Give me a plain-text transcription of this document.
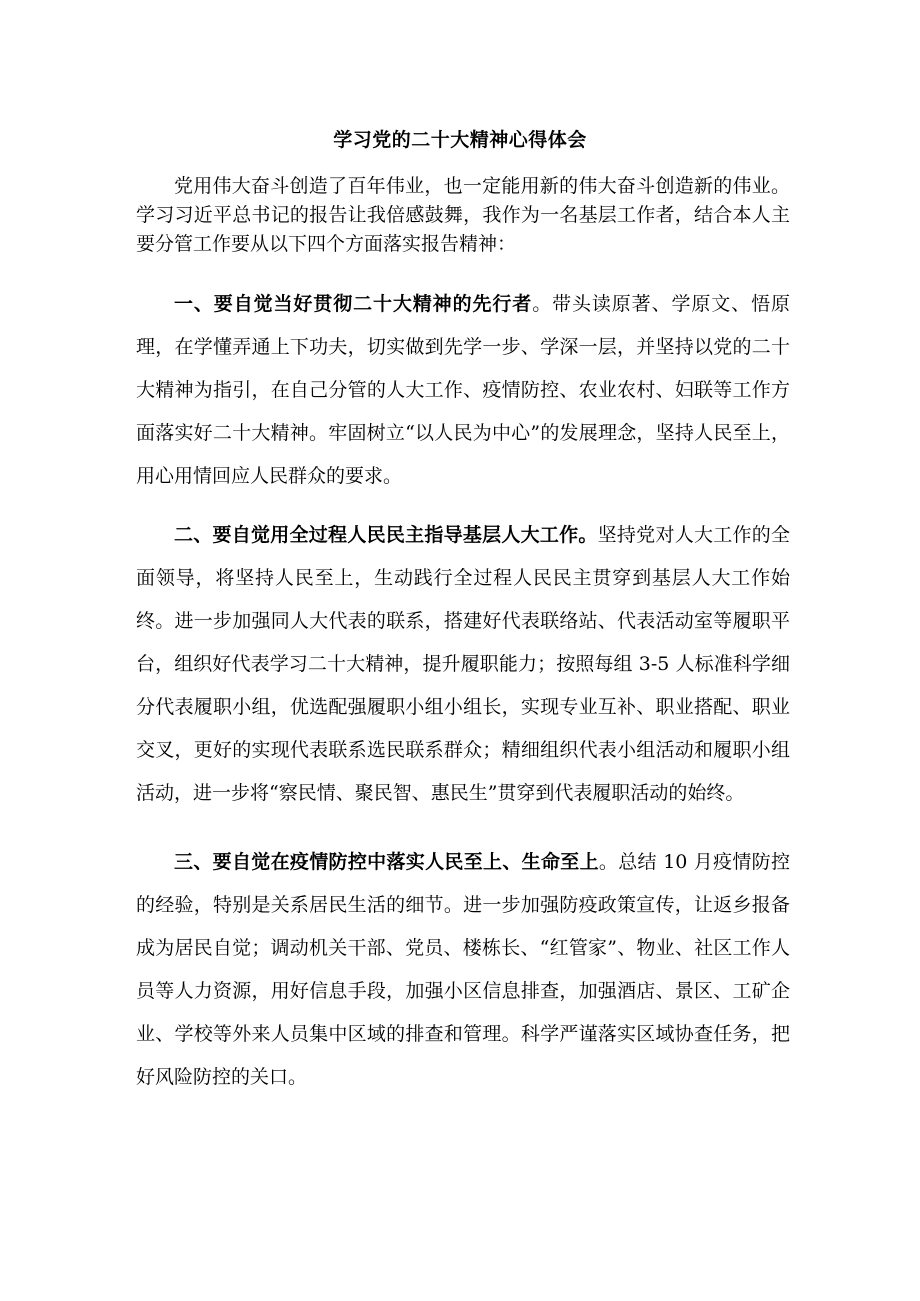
学习党的二十大精神心得体会

党用伟大奋斗创造了百年伟业，也一定能用新的伟大奋斗创造新的伟业。学习习近平总书记的报告让我倍感鼓舞，我作为一名基层工作者，结合本人主要分管工作要从以下四个方面落实报告精神：

一、要自觉当好贯彻二十大精神的先行者。带头读原著、学原文、悟原理，在学懂弄通上下功夫，切实做到先学一步、学深一层，并坚持以党的二十大精神为指引，在自己分管的人大工作、疫情防控、农业农村、妇联等工作方面落实好二十大精神。牢固树立“以人民为中心”的发展理念，坚持人民至上，用心用情回应人民群众的要求。

二、要自觉用全过程人民民主指导基层人大工作。坚持党对人大工作的全面领导，将坚持人民至上，生动践行全过程人民民主贯穿到基层人大工作始终。进一步加强同人大代表的联系，搭建好代表联络站、代表活动室等履职平台，组织好代表学习二十大精神，提升履职能力；按照每组 3-5 人标准科学细分代表履职小组，优选配强履职小组小组长，实现专业互补、职业搭配、职业交叉，更好的实现代表联系选民联系群众；精细组织代表小组活动和履职小组活动，进一步将“察民情、聚民智、惠民生”贯穿到代表履职活动的始终。

三、要自觉在疫情防控中落实人民至上、生命至上。总结 10 月疫情防控的经验，特别是关系居民生活的细节。进一步加强防疫政策宣传，让返乡报备成为居民自觉；调动机关干部、党员、楼栋长、“红管家”、物业、社区工作人员等人力资源，用好信息手段，加强小区信息排查，加强酒店、景区、工矿企业、学校等外来人员集中区域的排查和管理。科学严谨落实区域协查任务，把好风险防控的关口。
